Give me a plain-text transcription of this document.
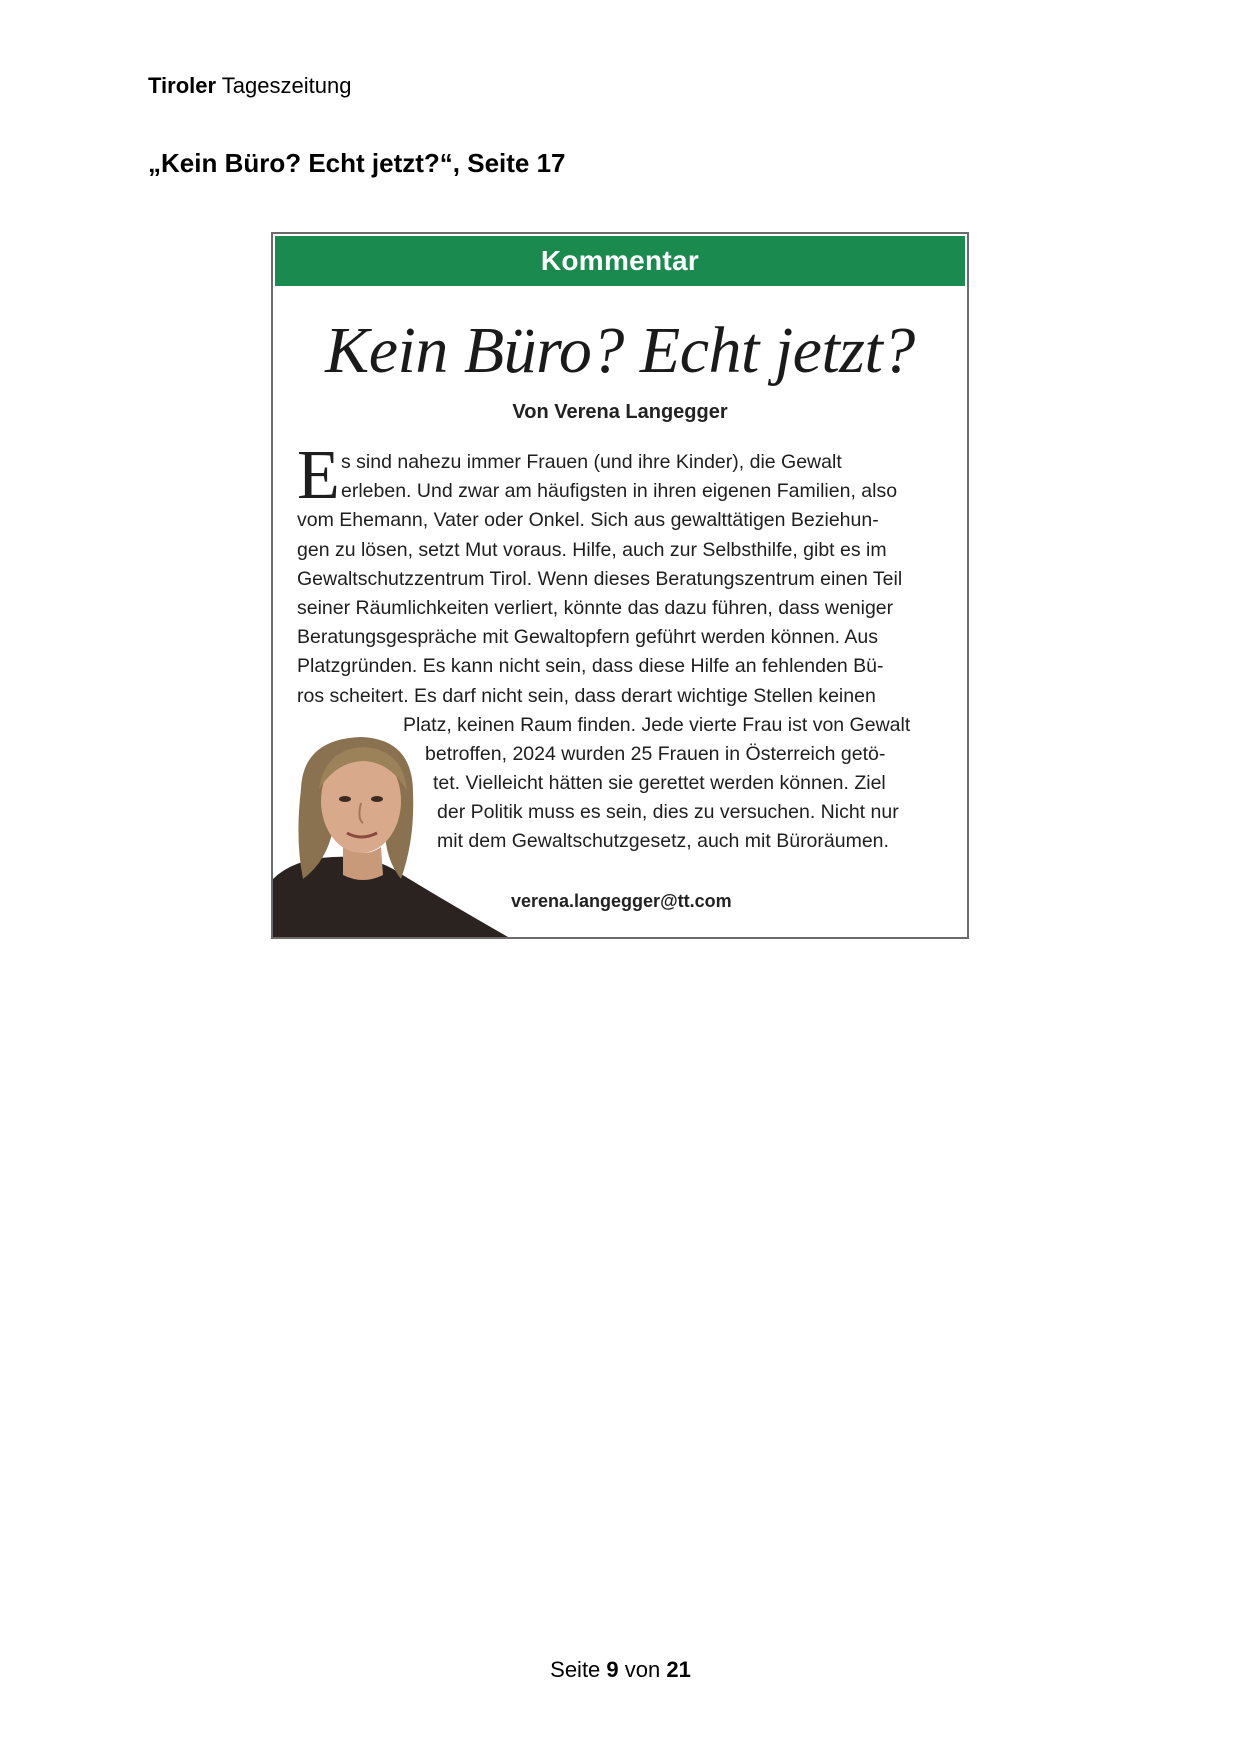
Tiroler Tageszeitung
„Kein Büro? Echt jetzt?“, Seite 17
Kommentar
Kein Büro? Echt jetzt?
Von Verena Langegger
E s sind nahezu immer Frauen (und ihre Kinder), die Gewalt
erleben. Und zwar am häufigsten in ihren eigenen Familien, also
vom Ehemann, Vater oder Onkel. Sich aus gewalttätigen Beziehun-
gen zu lösen, setzt Mut voraus. Hilfe, auch zur Selbsthilfe, gibt es im
Gewaltschutzzentrum Tirol. Wenn dieses Beratungszentrum einen Teil
seiner Räumlichkeiten verliert, könnte das dazu führen, dass weniger
Beratungsgespräche mit Gewaltopfern geführt werden können. Aus
Platzgründen. Es kann nicht sein, dass diese Hilfe an fehlenden Bü-
ros scheitert. Es darf nicht sein, dass derart wichtige Stellen keinen
Platz, keinen Raum finden. Jede vierte Frau ist von Gewalt
betroffen, 2024 wurden 25 Frauen in Österreich getö-
tet. Vielleicht hätten sie gerettet werden können. Ziel
der Politik muss es sein, dies zu versuchen. Nicht nur
mit dem Gewaltschutzgesetz, auch mit Büroräumen.
verena.langegger@tt.com
Seite 9 von 21
